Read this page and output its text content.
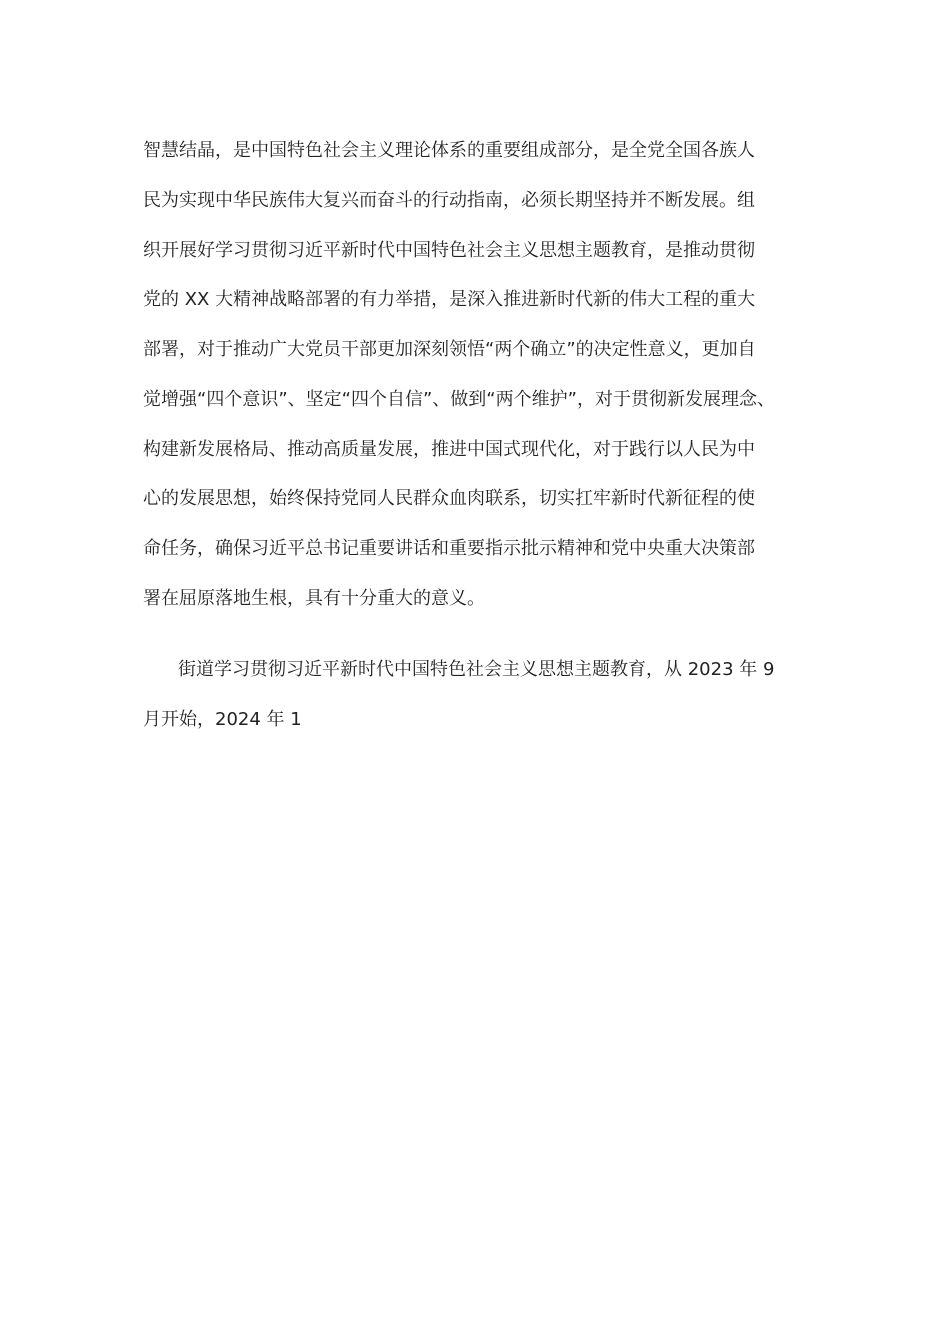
智慧结晶，是中国特色社会主义理论体系的重要组成部分，是全党全国各族人
民为实现中华民族伟大复兴而奋斗的行动指南，必须长期坚持并不断发展。组
织开展好学习贯彻习近平新时代中国特色社会主义思想主题教育，是推动贯彻
党的 XX 大精神战略部署的有力举措，是深入推进新时代新的伟大工程的重大
部署，对于推动广大党员干部更加深刻领悟“两个确立”的决定性意义，更加自
觉增强“四个意识”、坚定“四个自信”、做到“两个维护”，对于贯彻新发展理念、
构建新发展格局、推动高质量发展，推进中国式现代化，对于践行以人民为中
心的发展思想，始终保持党同人民群众血肉联系，切实扛牢新时代新征程的使
命任务，确保习近平总书记重要讲话和重要指示批示精神和党中央重大决策部
署在屈原落地生根，具有十分重大的意义。
街道学习贯彻习近平新时代中国特色社会主义思想主题教育，从 2023 年 9
月开始，2024 年 1
